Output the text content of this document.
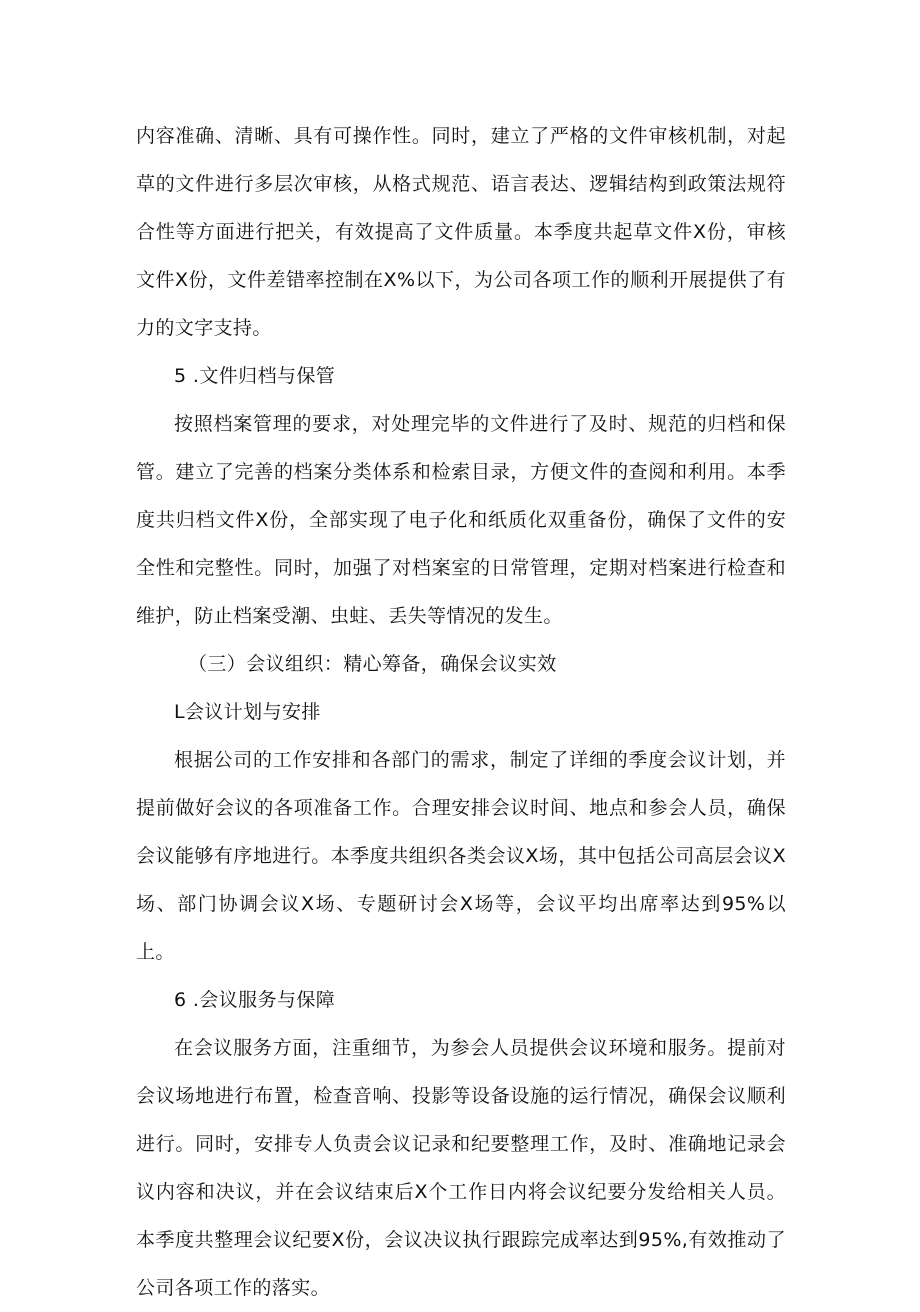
内容准确、清晰、具有可操作性。同时，建立了严格的文件审核机制，对起草的文件进行多层次审核，从格式规范、语言表达、逻辑结构到政策法规符合性等方面进行把关，有效提高了文件质量。本季度共起草文件X份，审核文件X份，文件差错率控制在X%以下，为公司各项工作的顺利开展提供了有力的文字支持。

5 .文件归档与保管

按照档案管理的要求，对处理完毕的文件进行了及时、规范的归档和保管。建立了完善的档案分类体系和检索目录，方便文件的查阅和利用。本季度共归档文件X份，全部实现了电子化和纸质化双重备份，确保了文件的安全性和完整性。同时，加强了对档案室的日常管理，定期对档案进行检查和维护，防止档案受潮、虫蛀、丢失等情况的发生。

（三）会议组织：精心筹备，确保会议实效

L会议计划与安排

根据公司的工作安排和各部门的需求，制定了详细的季度会议计划，并提前做好会议的各项准备工作。合理安排会议时间、地点和参会人员，确保会议能够有序地进行。本季度共组织各类会议X场，其中包括公司高层会议X场、部门协调会议X场、专题研讨会X场等，会议平均出席率达到95%以上。

6 .会议服务与保障

在会议服务方面，注重细节，为参会人员提供会议环境和服务。提前对会议场地进行布置，检查音响、投影等设备设施的运行情况，确保会议顺利进行。同时，安排专人负责会议记录和纪要整理工作，及时、准确地记录会议内容和决议，并在会议结束后X个工作日内将会议纪要分发给相关人员。本季度共整理会议纪要X份，会议决议执行跟踪完成率达到95%,有效推动了公司各项工作的落实。
